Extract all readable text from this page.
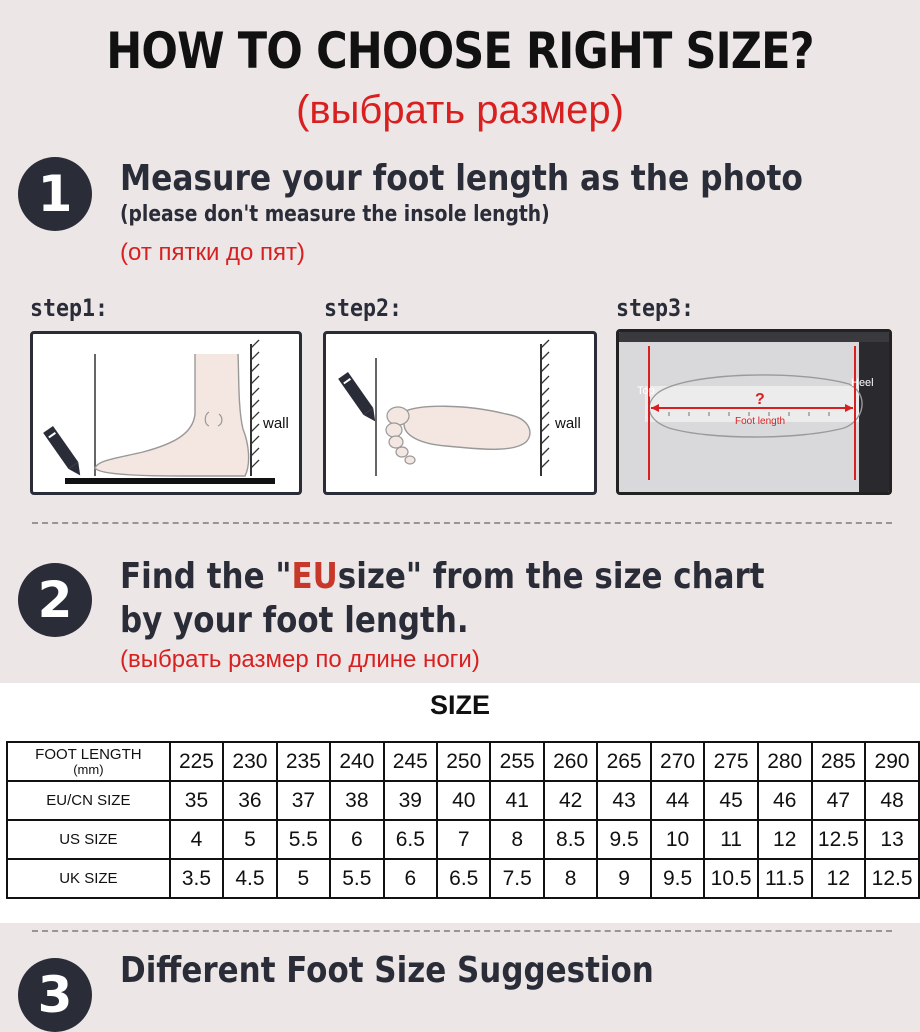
HOW TO CHOOSE RIGHT SIZE?
(выбрать размер)
1	Measure your foot length as the photo
(please don't measure the insole length)
(от пятки до пят)
step1:	step2:	step3:
wall	wall
Top
Heel
?
Foot length
2	Find the "EUsize" from the size chart
by your foot length.
(выбрать размер по длине ноги)
SIZE
FOOT LENGTH
(mm)	225	230	235	240	245	250	255	260	265	270	275	280	285	290
EU/CN SIZE	35	36	37	38	39	40	41	42	43	44	45	46	47	48
US SIZE	4	5	5.5	6	6.5	7	8	8.5	9.5	10	11	12	12.5	13
UK SIZE	3.5	4.5	5	5.5	6	6.5	7.5	8	9	9.5	10.5	11.5	12	12.5
3	Different Foot Size Suggestion
